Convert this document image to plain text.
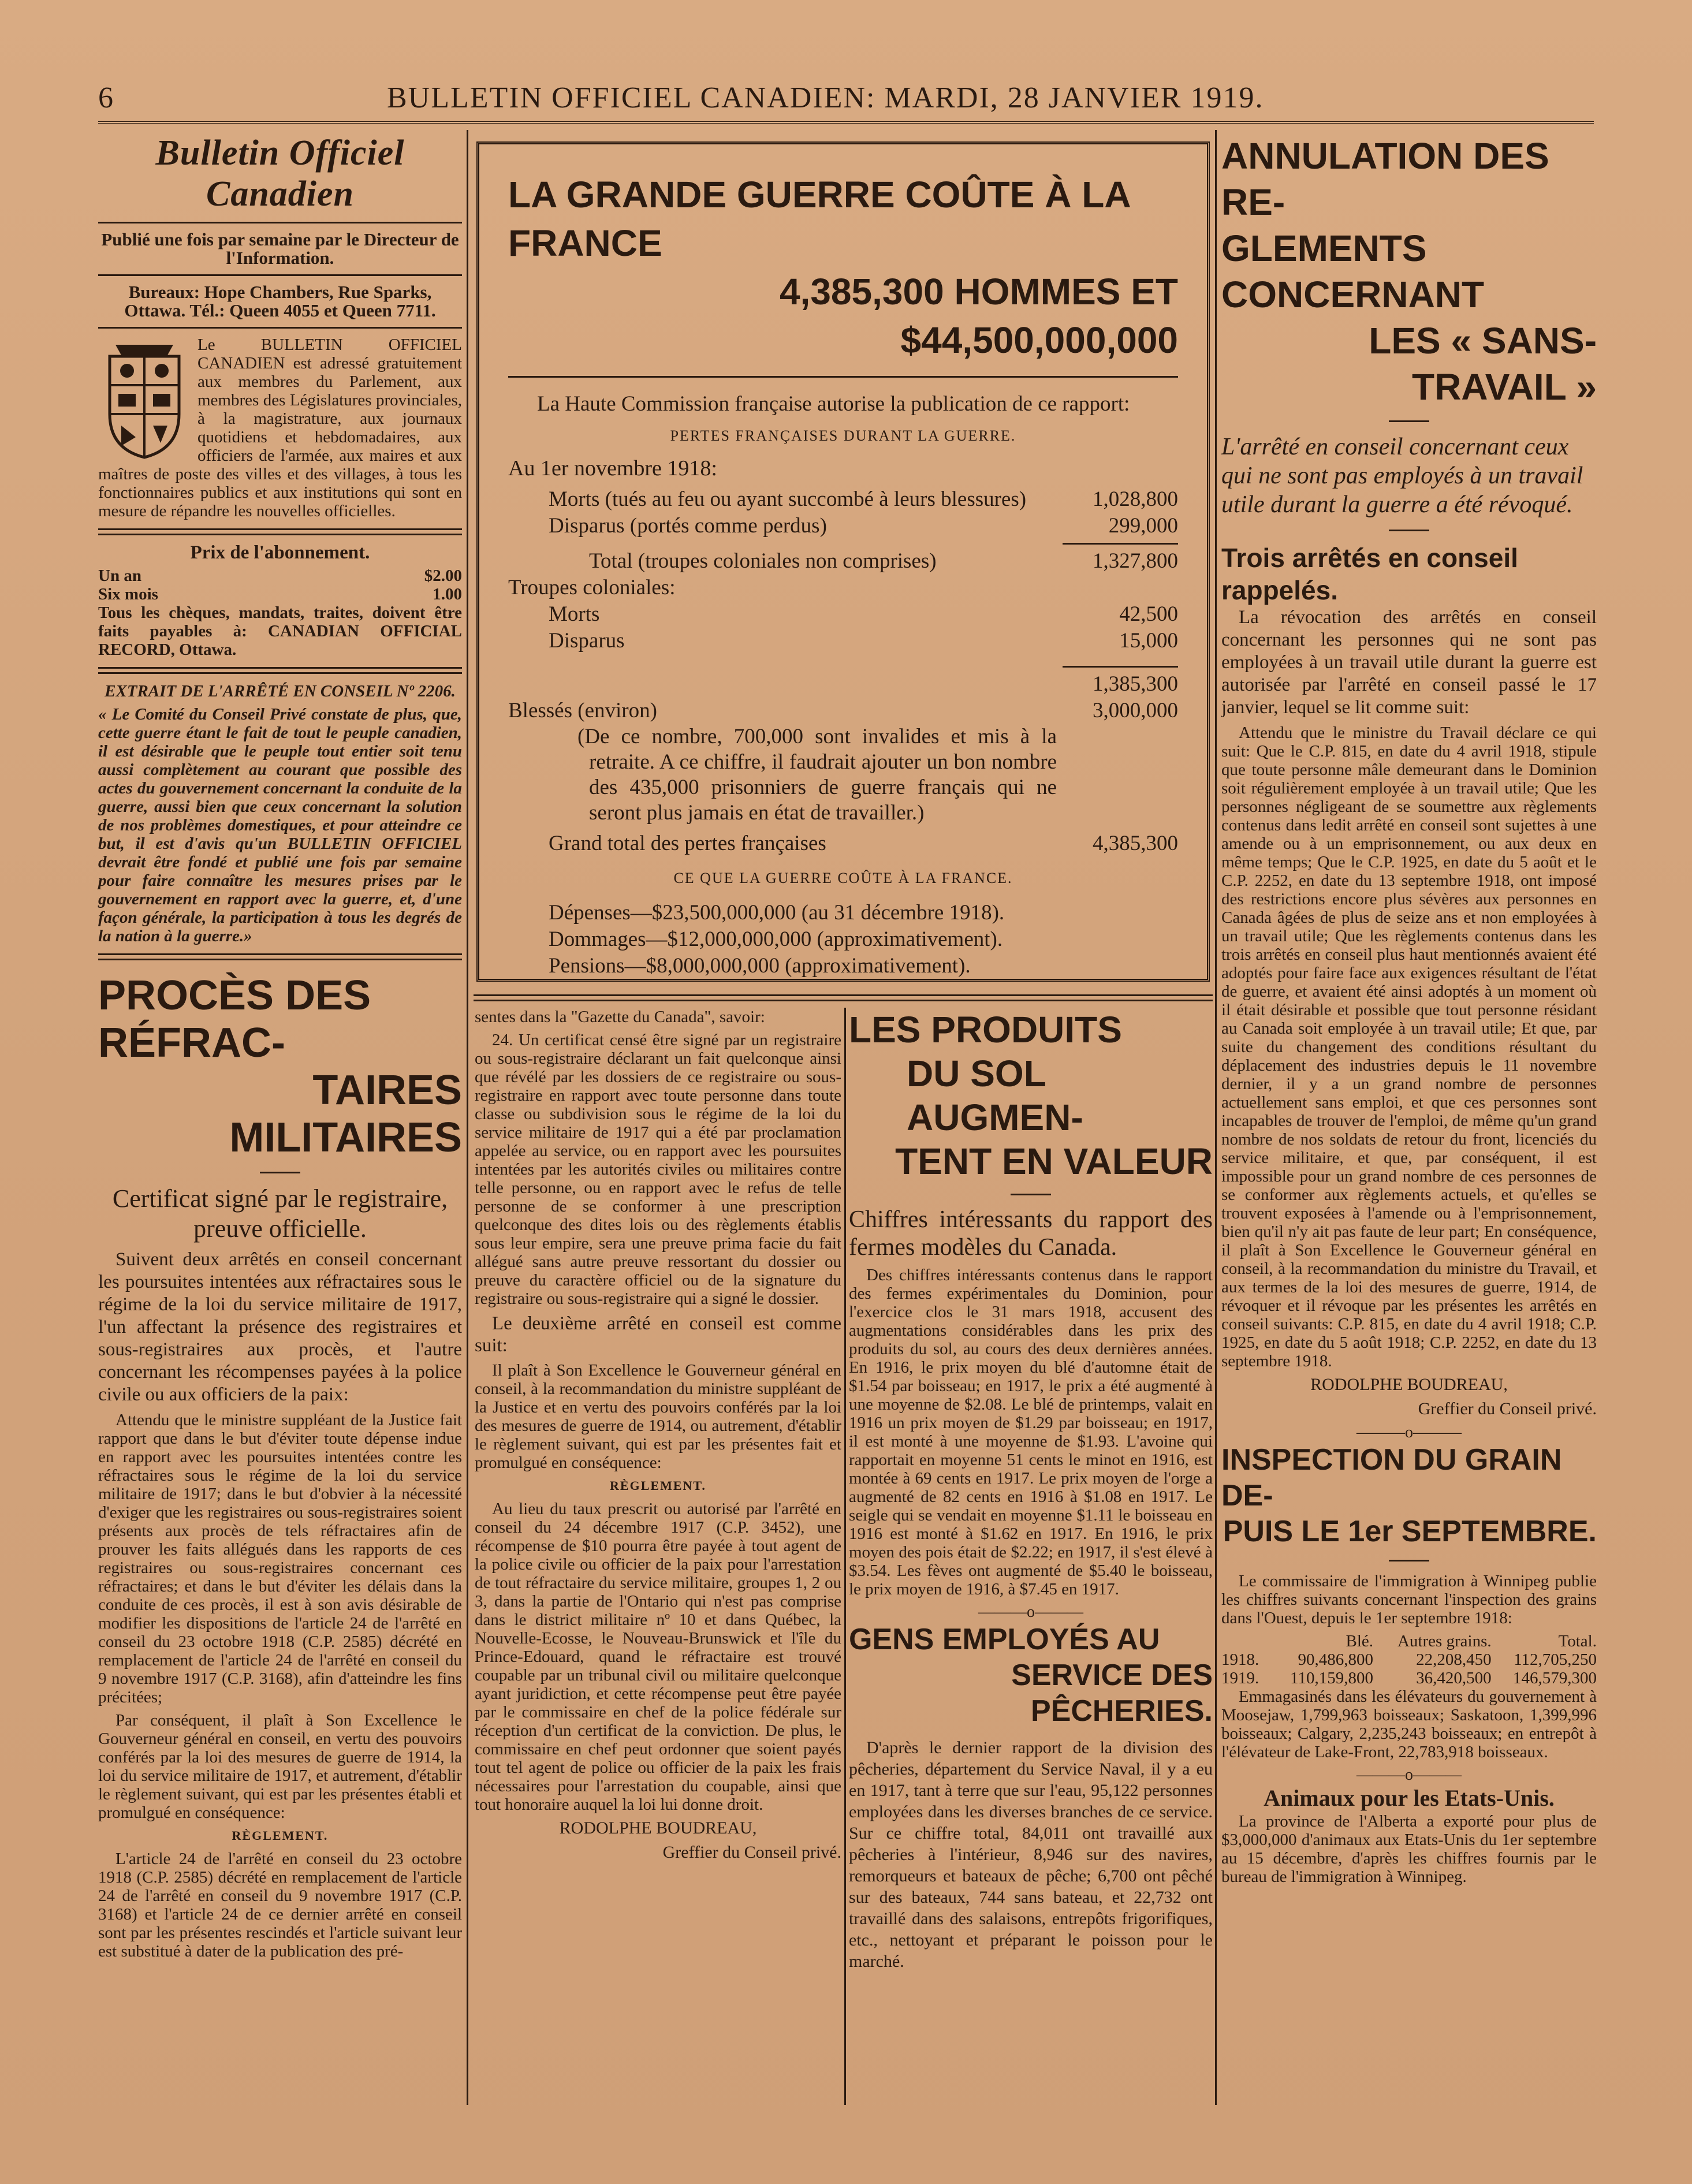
6	BULLETIN OFFICIEL CANADIEN: MARDI, 28 JANVIER 1919.
Bulletin Officiel Canadien

Publié une fois par semaine par le Directeur de l'Information.

Bureaux: Hope Chambers, Rue Sparks, Ottawa. Tél.: Queen 4055 et Queen 7711.

Le BULLETIN OFFICIEL CANADIEN est adressé gratuitement aux membres du Parlement, aux membres des Législatures provinciales, à la magistrature, aux journaux quotidiens et hebdomadaires, aux officiers de l'armée, aux maires et aux maîtres de poste des villes et des villages, à tous les fonctionnaires publics et aux institutions qui sont en mesure de répandre les nouvelles officielles.

Prix de l'abonnement.

Un an	$2.00
Six mois	1.00

Tous les chèques, mandats, traites, doivent être faits payables à: CANADIAN OFFICIAL RECORD, Ottawa.

EXTRAIT DE L'ARRÊTÉ EN CONSEIL Nº 2206.

« Le Comité du Conseil Privé constate de plus, que, cette guerre étant le fait de tout le peuple canadien, il est désirable que le peuple tout entier soit tenu aussi complètement au courant que possible des actes du gouvernement concernant la conduite de la guerre, aussi bien que ceux concernant la solution de nos problèmes domestiques, et pour atteindre ce but, il est d'avis qu'un BULLETIN OFFICIEL devrait être fondé et publié une fois par semaine pour faire connaître les mesures prises par le gouvernement en rapport avec la guerre, et, d'une façon générale, la participation à tous les degrés de la nation à la guerre.»

PROCÈS DES RÉFRAC-
TAIRES MILITAIRES

Certificat signé par le registraire, preuve officielle.

Suivent deux arrêtés en conseil concernant les poursuites intentées aux réfractaires sous le régime de la loi du service militaire de 1917, l'un affectant la présence des registraires et sous-registraires aux procès, et l'autre concernant les récompenses payées à la police civile ou aux officiers de la paix:

Attendu que le ministre suppléant de la Justice fait rapport que dans le but d'éviter toute dépense indue en rapport avec les poursuites intentées contre les réfractaires sous le régime de la loi du service militaire de 1917; dans le but d'obvier à la nécessité d'exiger que les registraires ou sous-registraires soient présents aux procès de tels réfractaires afin de prouver les faits allégués dans les rapports de ces registraires ou sous-registraires concernant ces réfractaires; et dans le but d'éviter les délais dans la conduite de ces procès, il est à son avis désirable de modifier les dispositions de l'article 24 de l'arrêté en conseil du 23 octobre 1918 (C.P. 2585) décrété en remplacement de l'article 24 de l'arrêté en conseil du 9 novembre 1917 (C.P. 3168), afin d'atteindre les fins précitées;

Par conséquent, il plaît à Son Excellence le Gouverneur général en conseil, en vertu des pouvoirs conférés par la loi des mesures de guerre de 1914, la loi du service militaire de 1917, et autrement, d'établir le règlement suivant, qui est par les présentes établi et promulgué en conséquence:

RÈGLEMENT.

L'article 24 de l'arrêté en conseil du 23 octobre 1918 (C.P. 2585) décrété en remplacement de l'article 24 de l'arrêté en conseil du 9 novembre 1917 (C.P. 3168) et l'article 24 de ce dernier arrêté en conseil sont par les présentes rescindés et l'article suivant leur est substitué à dater de la publication des pré-

LA GRANDE GUERRE COÛTE À LA FRANCE
4,385,300 HOMMES ET $44,500,000,000

La Haute Commission française autorise la publication de ce rapport:

PERTES FRANÇAISES DURANT LA GUERRE.

Au 1er novembre 1918:

Morts (tués au feu ou ayant succombé à leurs blessures)	1,028,800
Disparus (portés comme perdus)	299,000
Total (troupes coloniales non comprises)	1,327,800
Troupes coloniales:
Morts	42,500
Disparus	15,000
1,385,300
Blessés (environ)	3,000,000

(De ce nombre, 700,000 sont invalides et mis à la retraite. A ce chiffre, il faudrait ajouter un bon nombre des 435,000 prisonniers de guerre français qui ne seront plus jamais en état de travailler.)

Grand total des pertes françaises	4,385,300

CE QUE LA GUERRE COÛTE À LA FRANCE.

Dépenses—$23,500,000,000 (au 31 décembre 1918).

Dommages—$12,000,000,000 (approximativement).

Pensions—$8,000,000,000 (approximativement).

sentes dans la "Gazette du Canada", savoir:

24. Un certificat censé être signé par un registraire ou sous-registraire déclarant un fait quelconque ainsi que révélé par les dossiers de ce registraire ou sous-registraire en rapport avec toute personne dans toute classe ou subdivision sous le régime de la loi du service militaire de 1917 qui a été par proclamation appelée au service, ou en rapport avec les poursuites intentées par les autorités civiles ou militaires contre telle personne, ou en rapport avec le refus de telle personne de se conformer à une prescription quelconque des dites lois ou des règlements établis sous leur empire, sera une preuve prima facie du fait allégué sans autre preuve ressortant du dossier ou preuve du caractère officiel ou de la signature du registraire ou sous-registraire qui a signé le dossier.

Le deuxième arrêté en conseil est comme suit:

Il plaît à Son Excellence le Gouverneur général en conseil, à la recommandation du ministre suppléant de la Justice et en vertu des pouvoirs conférés par la loi des mesures de guerre de 1914, ou autrement, d'établir le règlement suivant, qui est par les présentes fait et promulgué en conséquence:

RÈGLEMENT.

Au lieu du taux prescrit ou autorisé par l'arrêté en conseil du 24 décembre 1917 (C.P. 3452), une récompense de $10 pourra être payée à tout agent de la police civile ou officier de la paix pour l'arrestation de tout réfractaire du service militaire, groupes 1, 2 ou 3, dans la partie de l'Ontario qui n'est pas comprise dans le district militaire nº 10 et dans Québec, la Nouvelle-Ecosse, le Nouveau-Brunswick et l'île du Prince-Edouard, quand le réfractaire est trouvé coupable par un tribunal civil ou militaire quelconque ayant juridiction, et cette récompense peut être payée par le commissaire en chef de la police fédérale sur réception d'un certificat de la conviction. De plus, le commissaire en chef peut ordonner que soient payés tout tel agent de police ou officier de la paix les frais nécessaires pour l'arrestation du coupable, ainsi que tout honoraire auquel la loi lui donne droit.

RODOLPHE BOUDREAU,

Greffier du Conseil privé.

LES PRODUITS
DU SOL AUGMEN-
TENT EN VALEUR

Chiffres intéressants du rapport des fermes modèles du Canada.

Des chiffres intéressants contenus dans le rapport des fermes expérimentales du Dominion, pour l'exercice clos le 31 mars 1918, accusent des augmentations considérables dans les prix des produits du sol, au cours des deux dernières années. En 1916, le prix moyen du blé d'automne était de $1.54 par boisseau; en 1917, le prix a été augmenté à une moyenne de $2.08. Le blé de printemps, valait en 1916 un prix moyen de $1.29 par boisseau; en 1917, il est monté à une moyenne de $1.93. L'avoine qui rapportait en moyenne 51 cents le minot en 1916, est montée à 69 cents en 1917. Le prix moyen de l'orge a augmenté de 82 cents en 1916 à $1.08 en 1917. Le seigle qui se vendait en moyenne $1.11 le boisseau en 1916 est monté à $1.62 en 1917. En 1916, le prix moyen des pois était de $2.22; en 1917, il s'est élevé à $3.54. Les fèves ont augmenté de $5.40 le boisseau, le prix moyen de 1916, à $7.45 en 1917.

———o———
GENS EMPLOYÉS AU
SERVICE DES PÊCHERIES.

D'après le dernier rapport de la division des pêcheries, département du Service Naval, il y a eu en 1917, tant à terre que sur l'eau, 95,122 personnes employées dans les diverses branches de ce service. Sur ce chiffre total, 84,011 ont travaillé aux pêcheries à l'intérieur, 8,946 sur des navires, remorqueurs et bateaux de pêche; 6,700 ont pêché sur des bateaux, 744 sans bateau, et 22,732 ont travaillé dans des salaisons, entrepôts frigorifiques, etc., nettoyant et préparant le poisson pour le marché.

ANNULATION DES RE-
GLEMENTS CONCERNANT
LES « SANS-TRAVAIL »

L'arrêté en conseil concernant ceux qui ne sont pas employés à un travail utile durant la guerre a été révoqué.

Trois arrêtés en conseil rappelés.

La révocation des arrêtés en conseil concernant les personnes qui ne sont pas employées à un travail utile durant la guerre est autorisée par l'arrêté en conseil passé le 17 janvier, lequel se lit comme suit:

Attendu que le ministre du Travail déclare ce qui suit: Que le C.P. 815, en date du 4 avril 1918, stipule que toute personne mâle demeurant dans le Dominion soit régulièrement employée à un travail utile; Que les personnes négligeant de se soumettre aux règlements contenus dans ledit arrêté en conseil sont sujettes à une amende ou à un emprisonnement, ou aux deux en même temps; Que le C.P. 1925, en date du 5 août et le C.P. 2252, en date du 13 septembre 1918, ont imposé des restrictions encore plus sévères aux personnes en Canada âgées de plus de seize ans et non employées à un travail utile; Que les règlements contenus dans les trois arrêtés en conseil plus haut mentionnés avaient été adoptés pour faire face aux exigences résultant de l'état de guerre, et avaient été ainsi adoptés à un moment où il était désirable et possible que tout personne résidant au Canada soit employée à un travail utile; Et que, par suite du changement des conditions résultant du déplacement des industries depuis le 11 novembre dernier, il y a un grand nombre de personnes actuellement sans emploi, et que ces personnes sont incapables de trouver de l'emploi, de même qu'un grand nombre de nos soldats de retour du front, licenciés du service militaire, et que, par conséquent, il est impossible pour un grand nombre de ces personnes de se conformer aux règlements actuels, et qu'elles se trouvent exposées à l'amende ou à l'emprisonnement, bien qu'il n'y ait pas faute de leur part; En conséquence, il plaît à Son Excellence le Gouverneur général en conseil, à la recommandation du ministre du Travail, et aux termes de la loi des mesures de guerre, 1914, de révoquer et il révoque par les présentes les arrêtés en conseil suivants: C.P. 815, en date du 4 avril 1918; C.P. 1925, en date du 5 août 1918; C.P. 2252, en date du 13 septembre 1918.

RODOLPHE BOUDREAU,

Greffier du Conseil privé.

———o———
INSPECTION DU GRAIN DE-
PUIS LE 1er SEPTEMBRE.

Le commissaire de l'immigration à Winnipeg publie les chiffres suivants concernant l'inspection des grains dans l'Ouest, depuis le 1er septembre 1918:

	Blé.	Autres grains.	Total.
1918.	90,486,800	22,208,450	112,705,250
1919.	110,159,800	36,420,500	146,579,300

Emmagasinés dans les élévateurs du gouvernement à Moosejaw, 1,799,963 boisseaux; Saskatoon, 1,399,996 boisseaux; Calgary, 2,235,243 boisseaux; en entrepôt à l'élévateur de Lake-Front, 22,783,918 boisseaux.

———o———
Animaux pour les Etats-Unis.

La province de l'Alberta a exporté pour plus de $3,000,000 d'animaux aux Etats-Unis du 1er septembre au 15 décembre, d'après les chiffres fournis par le bureau de l'immigration à Winnipeg.
